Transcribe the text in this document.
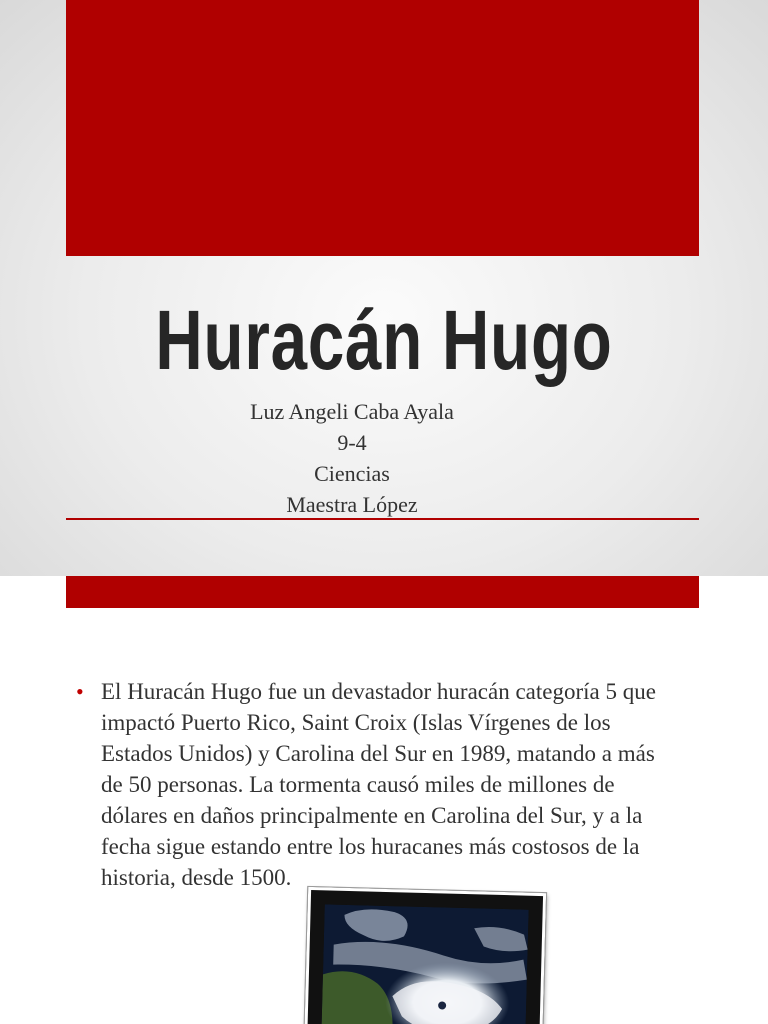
Huracán Hugo
Luz Angeli Caba Ayala
9-4
Ciencias
Maestra López
• El Huracán Hugo fue un devastador huracán categoría 5 que impactó Puerto Rico, Saint Croix (Islas Vírgenes de los Estados Unidos) y Carolina del Sur en 1989, matando a más de 50 personas. La tormenta causó miles de millones de dólares en daños principalmente en Carolina del Sur, y a la fecha sigue estando entre los huracanes más costosos de la historia, desde 1500.
